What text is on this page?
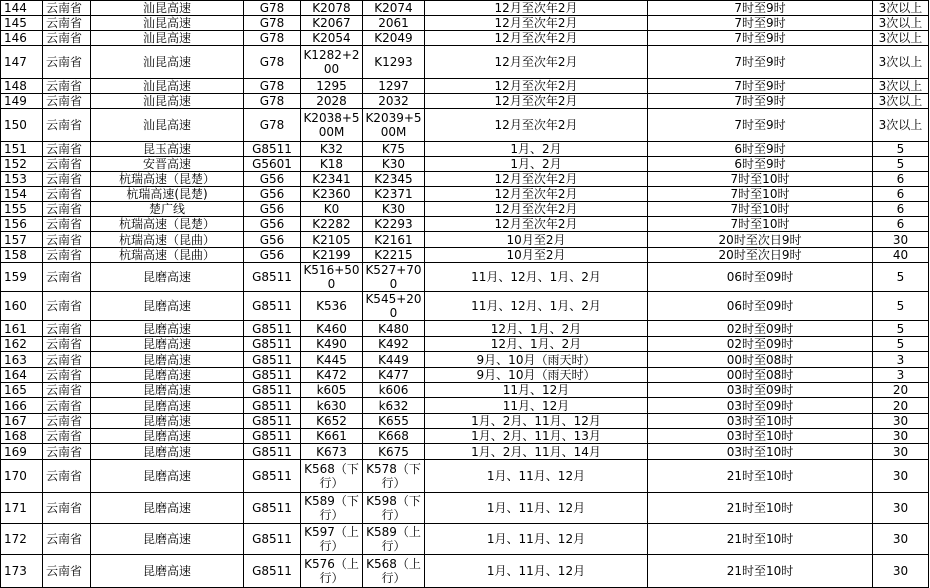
144	云南省	汕昆高速	G78	K2078	K2074	12月至次年2月	7时至9时	3次以上
145	云南省	汕昆高速	G78	K2067	2061	12月至次年2月	7时至9时	3次以上
146	云南省	汕昆高速	G78	K2054	K2049	12月至次年2月	7时至9时	3次以上
147	云南省	汕昆高速	G78	K1282+200	K1293	12月至次年2月	7时至9时	3次以上
148	云南省	汕昆高速	G78	1295	1297	12月至次年2月	7时至9时	3次以上
149	云南省	汕昆高速	G78	2028	2032	12月至次年2月	7时至9时	3次以上
150	云南省	汕昆高速	G78	K2038+500M	K2039+500M	12月至次年2月	7时至9时	3次以上
151	云南省	昆玉高速	G8511	K32	K75	1月、2月	6时至9时	5
152	云南省	安晋高速	G5601	K18	K30	1月、2月	6时至9时	5
153	云南省	杭瑞高速（昆楚）	G56	K2341	K2345	12月至次年2月	7时至10时	6
154	云南省	杭瑞高速(昆楚)	G56	K2360	K2371	12月至次年2月	7时至10时	6
155	云南省	楚广线	G56	K0	K30	12月至次年2月	7时至10时	6
156	云南省	杭瑞高速（昆楚）	G56	K2282	K2293	12月至次年2月	7时至10时	6
157	云南省	杭瑞高速（昆曲）	G56	K2105	K2161	10月至2月	20时至次日9时	30
158	云南省	杭瑞高速（昆曲）	G56	K2199	K2215	10月至2月	20时至次日9时	40
159	云南省	昆磨高速	G8511	K516+500	K527+700	11月、12月、1月、2月	06时至09时	5
160	云南省	昆磨高速	G8511	K536	K545+200	11月、12月、1月、2月	06时至09时	5
161	云南省	昆磨高速	G8511	K460	K480	12月、1月、2月	02时至09时	5
162	云南省	昆磨高速	G8511	K490	K492	12月、1月、2月	02时至09时	5
163	云南省	昆磨高速	G8511	K445	K449	9月、10月（雨天时）	00时至08时	3
164	云南省	昆磨高速	G8511	K472	K477	9月、10月（雨天时）	00时至08时	3
165	云南省	昆磨高速	G8511	k605	k606	11月、12月	03时至09时	20
166	云南省	昆磨高速	G8511	k630	k632	11月、12月	03时至09时	20
167	云南省	昆磨高速	G8511	K652	K655	1月、2月、11月、12月	03时至10时	30
168	云南省	昆磨高速	G8511	K661	K668	1月、2月、11月、13月	03时至10时	30
169	云南省	昆磨高速	G8511	K673	K675	1月、2月、11月、14月	03时至10时	30
170	云南省	昆磨高速	G8511	K568（下行）	K578（下行）	1月、11月、12月	21时至10时	30
171	云南省	昆磨高速	G8511	K589（下行）	K598（下行）	1月、11月、12月	21时至10时	30
172	云南省	昆磨高速	G8511	K597（上行）	K589（上行）	1月、11月、12月	21时至10时	30
173	云南省	昆磨高速	G8511	K576（上行）	K568（上行）	1月、11月、12月	21时至10时	30
